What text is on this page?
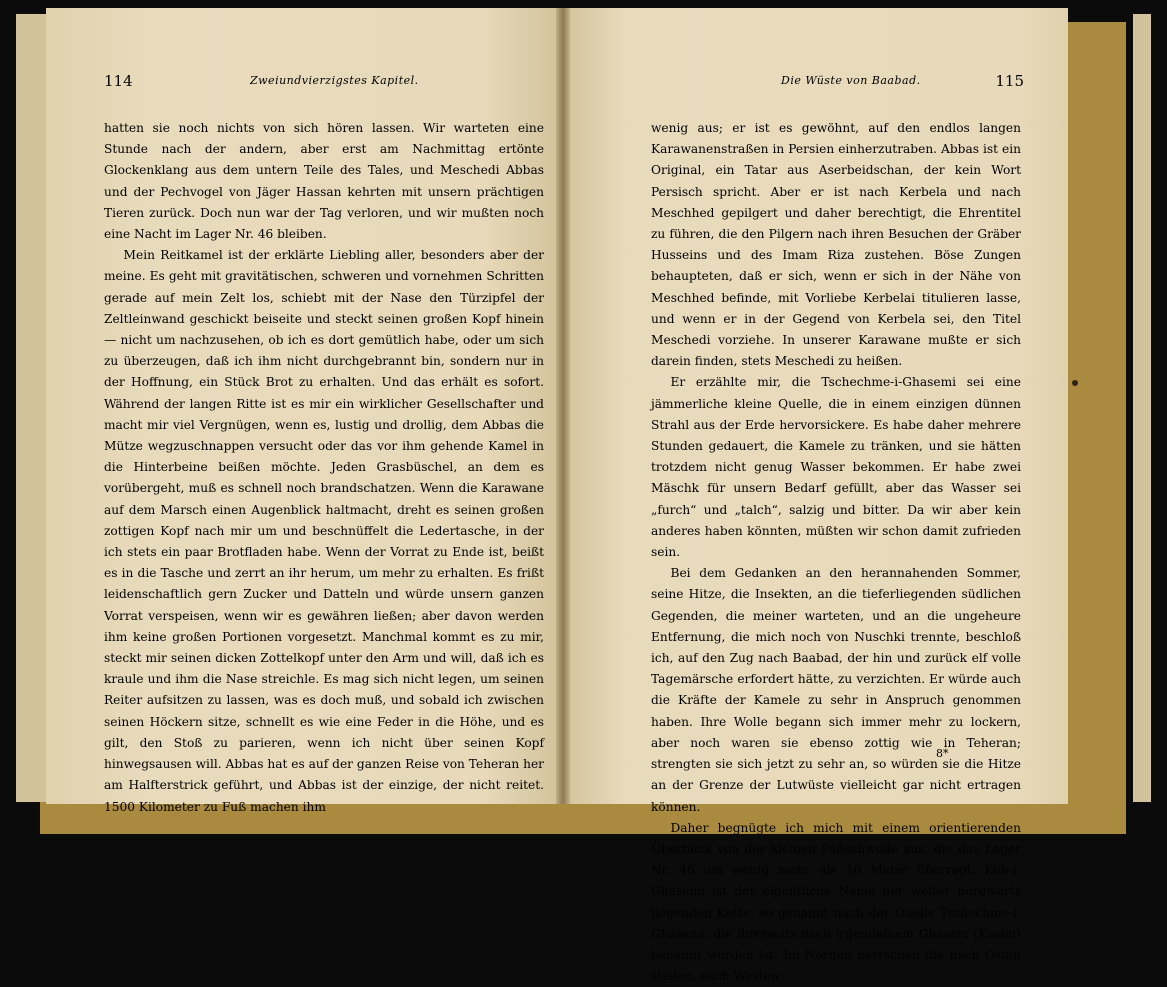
114	Zweiundvierzigstes Kapitel.	Die Wüste von Baabad.	115

hatten sie noch nichts von sich hören lassen. Wir warteten eine Stunde nach der andern, aber erst am Nachmittag ertönte Glockenklang aus dem untern Teile des Tales, und Meschedi Abbas und der Pechvogel von Jäger Hassan kehrten mit unsern prächtigen Tieren zurück. Doch nun war der Tag verloren, und wir mußten noch eine Nacht im Lager Nr. 46 bleiben.

Mein Reitkamel ist der erklärte Liebling aller, besonders aber der meine. Es geht mit gravitätischen, schweren und vornehmen Schritten gerade auf mein Zelt los, schiebt mit der Nase den Türzipfel der Zeltleinwand geschickt beiseite und steckt seinen großen Kopf hinein — nicht um nachzusehen, ob ich es dort gemütlich habe, oder um sich zu überzeugen, daß ich ihm nicht durchgebrannt bin, sondern nur in der Hoffnung, ein Stück Brot zu erhalten. Und das erhält es sofort. Während der langen Ritte ist es mir ein wirklicher Gesellschafter und macht mir viel Vergnügen, wenn es, lustig und drollig, dem Abbas die Mütze wegzuschnappen versucht oder das vor ihm gehende Kamel in die Hinterbeine beißen möchte. Jeden Grasbüschel, an dem es vorübergeht, muß es schnell noch brandschatzen. Wenn die Karawane auf dem Marsch einen Augenblick haltmacht, dreht es seinen großen zottigen Kopf nach mir um und beschnüffelt die Ledertasche, in der ich stets ein paar Brotfladen habe. Wenn der Vorrat zu Ende ist, beißt es in die Tasche und zerrt an ihr herum, um mehr zu erhalten. Es frißt leidenschaftlich gern Zucker und Datteln und würde unsern ganzen Vorrat verspeisen, wenn wir es gewähren ließen; aber davon werden ihm keine großen Portionen vorgesetzt. Manchmal kommt es zu mir, steckt mir seinen dicken Zottelkopf unter den Arm und will, daß ich es kraule und ihm die Nase streichle. Es mag sich nicht legen, um seinen Reiter aufsitzen zu lassen, was es doch muß, und sobald ich zwischen seinen Höckern sitze, schnellt es wie eine Feder in die Höhe, und es gilt, den Stoß zu parieren, wenn ich nicht über seinen Kopf hinwegsausen will. Abbas hat es auf der ganzen Reise von Teheran her am Halfterstrick geführt, und Abbas ist der einzige, der nicht reitet. 1500 Kilometer zu Fuß machen ihm

wenig aus; er ist es gewöhnt, auf den endlos langen Karawanenstraßen in Persien einherzutraben. Abbas ist ein Original, ein Tatar aus Aserbeidschan, der kein Wort Persisch spricht. Aber er ist nach Kerbela und nach Meschhed gepilgert und daher berechtigt, die Ehrentitel zu führen, die den Pilgern nach ihren Besuchen der Gräber Husseins und des Imam Riza zustehen. Böse Zungen behaupteten, daß er sich, wenn er sich in der Nähe von Meschhed befinde, mit Vorliebe Kerbelai titulieren lasse, und wenn er in der Gegend von Kerbela sei, den Titel Meschedi vorziehe. In unserer Karawane mußte er sich darein finden, stets Meschedi zu heißen.

Er erzählte mir, die Tschechme-i-Ghasemi sei eine jämmerliche kleine Quelle, die in einem einzigen dünnen Strahl aus der Erde hervorsickere. Es habe daher mehrere Stunden gedauert, die Kamele zu tränken, und sie hätten trotzdem nicht genug Wasser bekommen. Er habe zwei Mäschk für unsern Bedarf gefüllt, aber das Wasser sei „furch“ und „talch“, salzig und bitter. Da wir aber kein anderes haben könnten, müßten wir schon damit zufrieden sein.

Bei dem Gedanken an den herannahenden Sommer, seine Hitze, die Insekten, an die tieferliegenden südlichen Gegenden, die meiner warteten, und an die ungeheure Entfernung, die mich noch von Nuschki trennte, beschloß ich, auf den Zug nach Baabad, der hin und zurück elf volle Tagemärsche erfordert hätte, zu verzichten. Er würde auch die Kräfte der Kamele zu sehr in Anspruch genommen haben. Ihre Wolle begann sich immer mehr zu lockern, aber noch waren sie ebenso zottig wie in Teheran; strengten sie sich jetzt zu sehr an, so würden sie die Hitze an der Grenze der Lutwüste vielleicht gar nicht ertragen können.

Daher begnügte ich mich mit einem orientierenden Überblick von der kleinen Paßschwelle aus, die das Lager Nr. 46 um wenig mehr als 10 Meter überragt. Kuh-i-Ghasemi ist der eigentliche Name der weiter nordwärts liegenden Kette, so genannt nach der Quelle Tschechme-i-Ghasemi, die ihrerseits nach irgendeinem Ghasem (Kasim) benannt worden ist. Im Norden herrschen die nach Osten steilen, nach Westen

8*
